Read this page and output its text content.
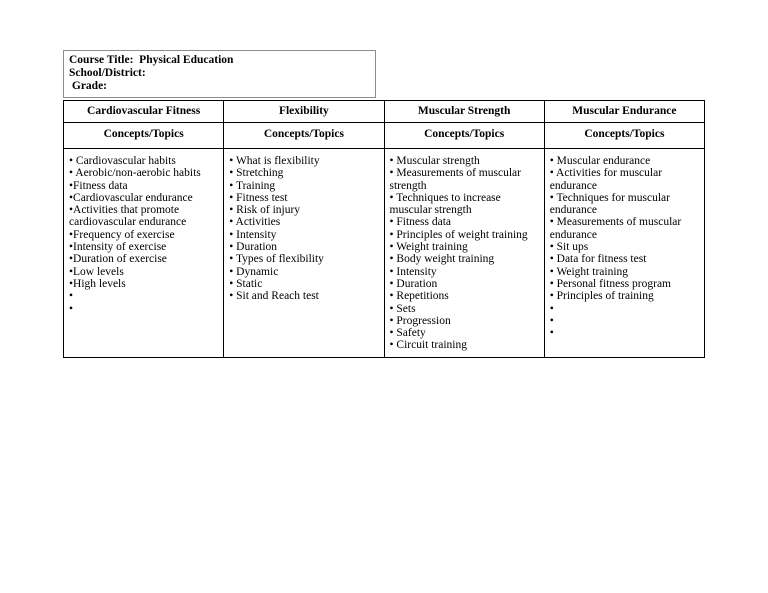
Course Title:  Physical Education
School/District:
Grade:
Cardiovascular Fitness	Flexibility	Muscular Strength	Muscular Endurance
Concepts/Topics	Concepts/Topics	Concepts/Topics	Concepts/Topics

• Cardiovascular habits
• Aerobic/non-aerobic habits
•Fitness data
•Cardiovascular endurance
•Activities that promote cardiovascular endurance
•Frequency of exercise
•Intensity of exercise
•Duration of exercise
•Low levels
•High levels
•
•

• What is flexibility
• Stretching
• Training
• Fitness test
• Risk of injury
• Activities
• Intensity
• Duration
• Types of flexibility
• Dynamic
• Static
• Sit and Reach test

• Muscular strength
• Measurements of muscular strength
• Techniques to increase muscular strength
• Fitness data
• Principles of weight training
• Weight training
• Body weight training
• Intensity
• Duration
• Repetitions
• Sets
• Progression
• Safety
• Circuit training

• Muscular endurance
• Activities for muscular endurance
• Techniques for muscular endurance
• Measurements of muscular endurance
• Sit ups
• Data for fitness test
• Weight training
• Personal fitness program
• Principles of training
•
•
•
